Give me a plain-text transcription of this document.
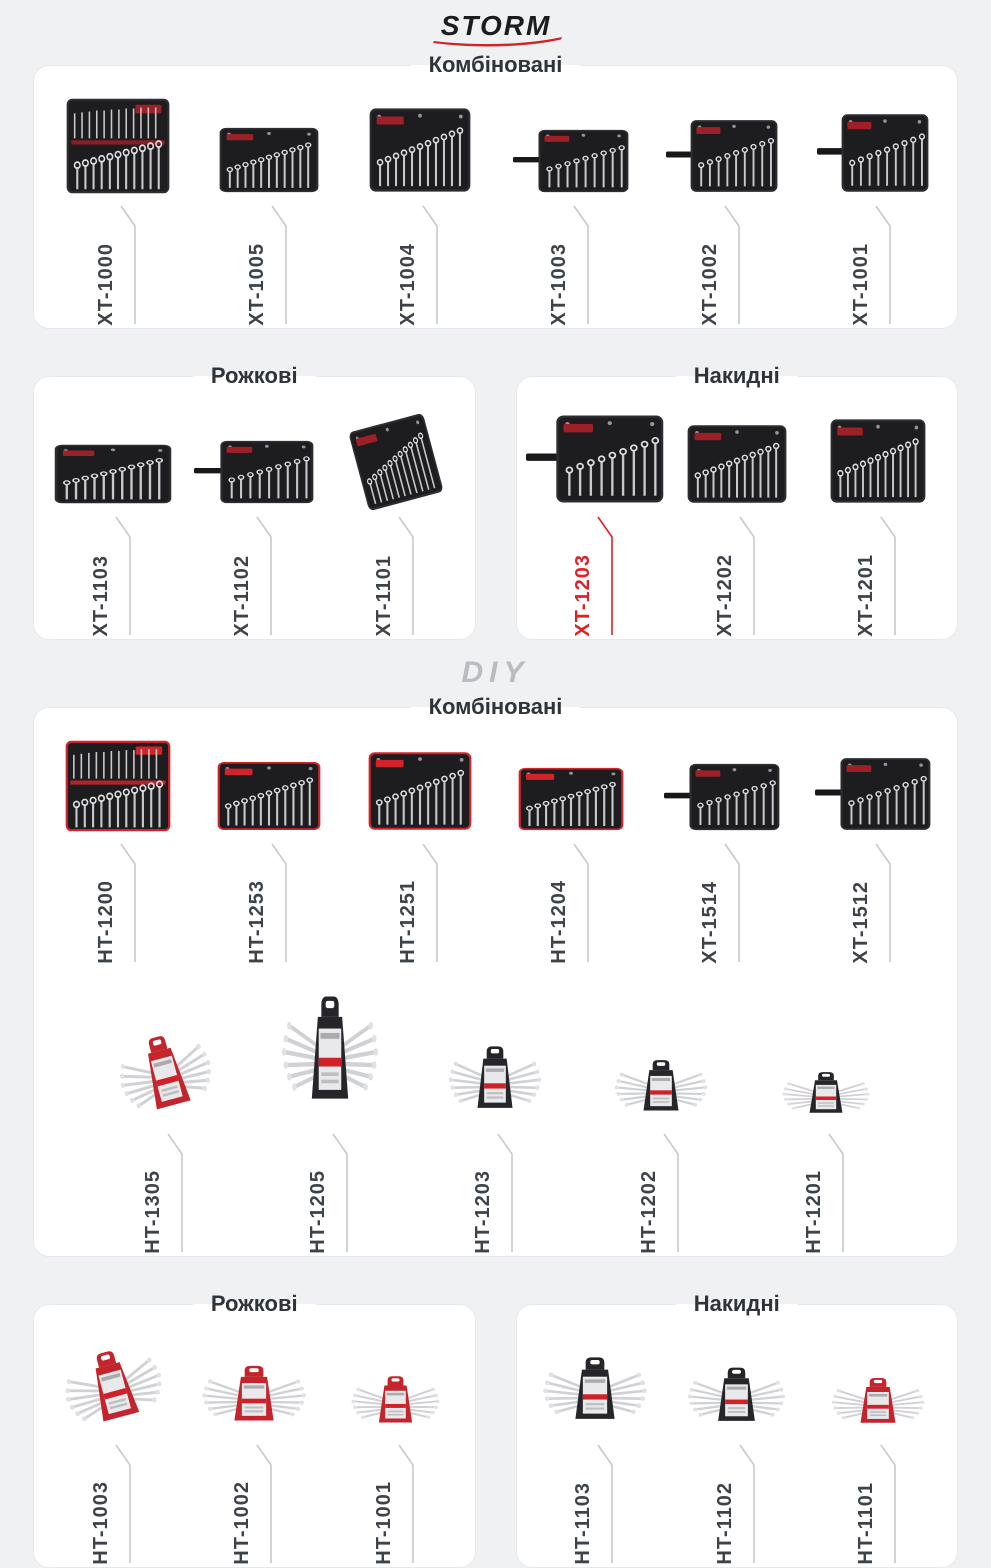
STORM
Комбіновані
XT-1000	XT-1005	XT-1004	XT-1003	XT-1002	XT-1001
Рожкові
XT-1103	XT-1102	XT-1101
Накидні
XT-1203	XT-1202	XT-1201
DIY
Комбіновані
HT-1200	HT-1253	HT-1251	HT-1204	XT-1514	XT-1512
HT-1305	HT-1205	HT-1203	HT-1202	HT-1201
Рожкові
HT-1003	HT-1002	HT-1001
Накидні
HT-1103	HT-1102	HT-1101
